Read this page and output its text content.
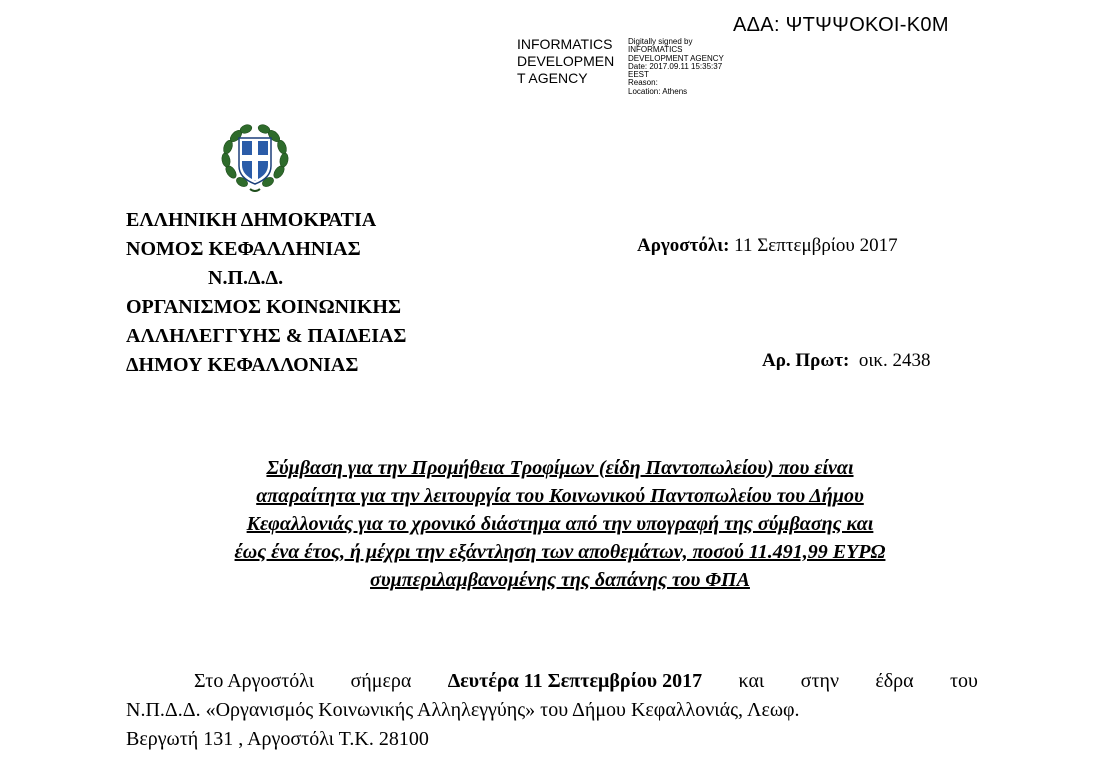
ΑΔΑ: ΨΤΨΨΟΚΟΙ-Κ0Μ
INFORMATICS
DEVELOPMEN
T AGENCY
Digitally signed by
INFORMATICS
DEVELOPMENT AGENCY
Date: 2017.09.11 15:35:37
EEST
Reason:
Location: Athens
ΕΛΛΗΝΙΚΗ ΔΗΜΟΚΡΑΤΙΑ
ΝΟΜΟΣ ΚΕΦΑΛΛΗΝΙΑΣ
Ν.Π.Δ.Δ.
ΟΡΓΑΝΙΣΜΟΣ ΚΟΙΝΩΝΙΚΗΣ
ΑΛΛΗΛΕΓΓΥΗΣ & ΠΑΙΔΕΙΑΣ
ΔΗΜΟΥ ΚΕΦΑΛΛΟΝΙΑΣ
Αργοστόλι: 11 Σεπτεμβρίου 2017
Αρ. Πρωτ: οικ. 2438
Σύμβαση για την Προμήθεια Τροφίμων (είδη Παντοπωλείου) που είναι
απαραίτητα για την λειτουργία του Κοινωνικού Παντοπωλείου του Δήμου
Κεφαλλονιάς για το χρονικό διάστημα από την υπογραφή της σύμβασης και
έως ένα έτος, ή μέχρι την εξάντληση των αποθεμάτων, ποσού 11.491,99 ΕΥΡΩ
συμπεριλαμβανομένης της δαπάνης του ΦΠΑ
Στο Αργοστόλι σήμερα Δευτέρα 11 Σεπτεμβρίου 2017 και στην έδρα του
Ν.Π.Δ.Δ. «Οργανισμός Κοινωνικής Αλληλεγγύης» του Δήμου Κεφαλλονιάς, Λεωφ.
Βεργωτή 131 , Αργοστόλι Τ.Κ. 28100
